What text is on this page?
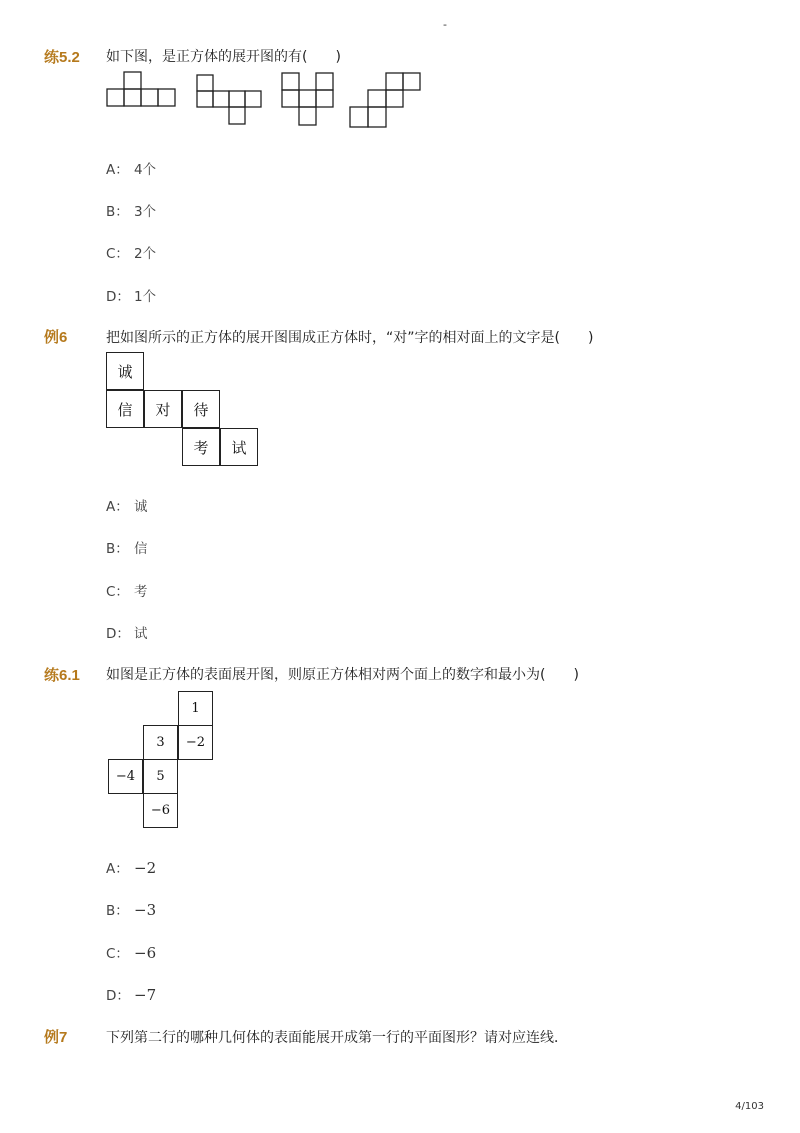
-
练5.2 如下图，是正方体的展开图的有(　　)
A： 4个
B： 3个
C： 2个
D： 1个
例6	把如图所示的正方体的展开图围成正方体时，“对”字的相对面上的文字是(　　)
诚
信	对	待
考	试
A： 诚
B： 信
C： 考
D： 试
练6.1 如图是正方体的表面展开图，则原正方体相对两个面上的数字和最小为(　　)
1
3	−2
−4	5
−6
A： −2
B： −3
C： −6
D： −7
例7	下列第二行的哪种几何体的表面能展开成第一行的平面图形？请对应连线．
4/103
